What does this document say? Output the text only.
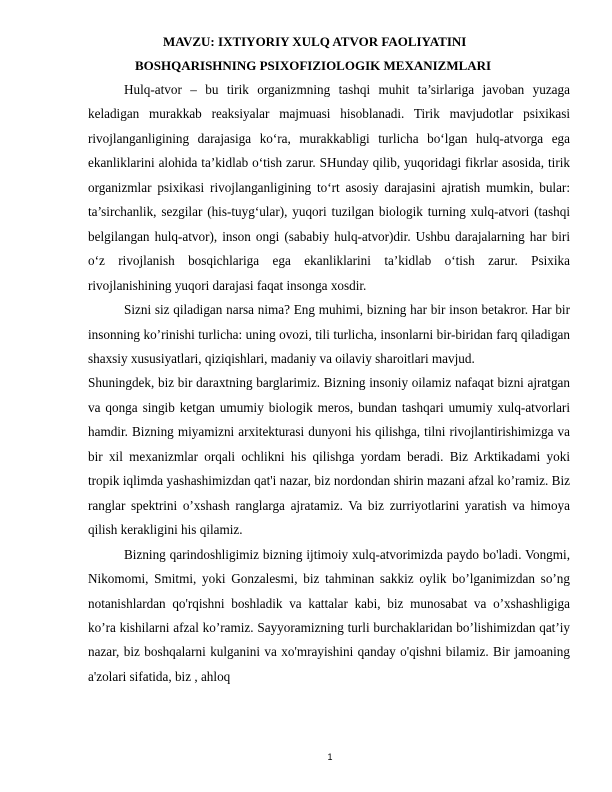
MAVZU: IXTIYORIY XULQ ATVOR FAOLIYATINI
BOSHQARISHNING PSIXOFIZIOLOGIK MEXANIZMLARI

Hulq-atvor – bu tirik organizmning tashqi muhit ta’sirlariga javoban yuzaga keladigan murakkab reaksiyalar majmuasi hisoblanadi. Tirik mavjudotlar psixikasi rivojlanganligining darajasiga ko‘ra, murakkabligi turlicha bo‘lgan hulq-atvorga ega ekanliklarini alohida ta’kidlab o‘tish zarur. SHunday qilib, yuqoridagi fikrlar asosida, tirik organizmlar psixikasi rivojlanganligining to‘rt asosiy darajasini ajratish mumkin, bular: ta’sirchanlik, sezgilar (his-tuyg‘ular), yuqori tuzilgan biologik turning xulq-atvori (tashqi belgilangan hulq-atvor), inson ongi (sababiy hulq-atvor)dir. Ushbu darajalarning har biri o‘z rivojlanish bosqichlariga ega ekanliklarini ta’kidlab o‘tish zarur. Psixika rivojlanishining yuqori darajasi faqat insonga xosdir.

Sizni siz qiladigan narsa nima? Eng muhimi, bizning har bir inson betakror. Har bir insonning ko’rinishi turlicha: uning ovozi, tili turlicha, insonlarni bir-biridan farq qiladigan shaxsiy xususiyatlari, qiziqishlari, madaniy va oilaviy sharoitlari mavjud.

Shuningdek, biz bir daraxtning barglarimiz. Bizning insoniy oilamiz nafaqat bizni ajratgan va qonga singib ketgan umumiy biologik meros, bundan tashqari umumiy xulq-atvorlari hamdir. Bizning miyamizni arxitekturasi dunyoni his qilishga, tilni rivojlantirishimizga va bir xil mexanizmlar orqali ochlikni his qilishga yordam beradi. Biz Arktikadami yoki tropik iqlimda yashashimizdan qat'i nazar, biz nordondan shirin mazani afzal ko’ramiz. Biz ranglar spektrini o’xshash ranglarga ajratamiz. Va biz zurriyotlarini yaratish va himoya qilish kerakligini his qilamiz.

Bizning qarindoshligimiz bizning ijtimoiy xulq-atvorimizda paydo bo'ladi. Vongmi, Nikomomi, Smitmi, yoki Gonzalesmi, biz tahminan sakkiz oylik bo’lganimizdan so’ng notanishlardan qo'rqishni boshladik va kattalar kabi, biz munosabat va o’xshashligiga ko’ra kishilarni afzal ko’ramiz. Sayyoramizning turli burchaklaridan bo’lishimizdan qat’iy nazar, biz boshqalarni kulganini va xo'mrayishini qanday o'qishni bilamiz. Bir jamoaning a'zolari sifatida, biz , ahloq

1
